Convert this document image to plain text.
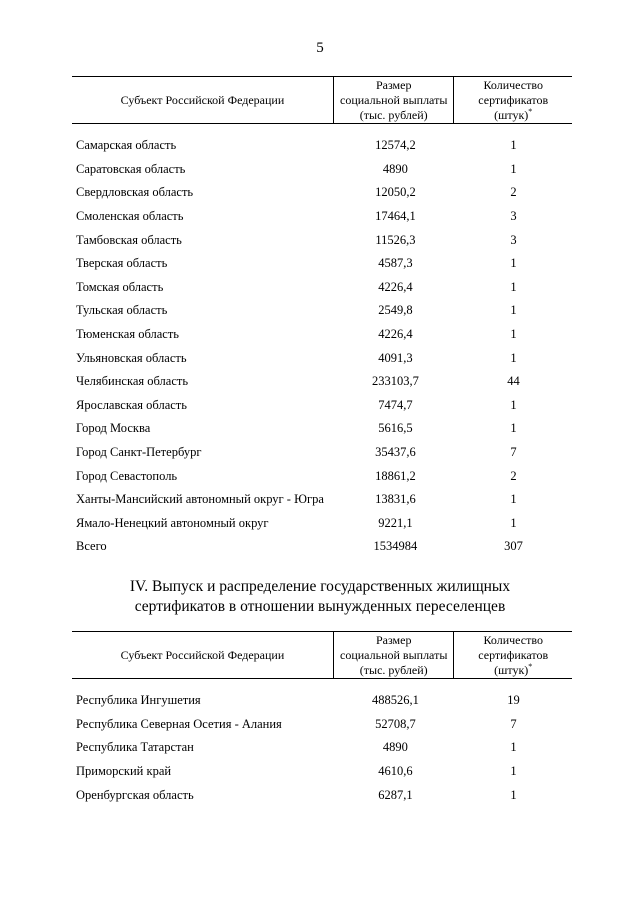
5
Субъект Российской Федерации
Размер
социальной выплаты
(тыс. рублей)
Количество
сертификатов
(штук)*
Самарская область	12574,2	1
Саратовская область	4890	1
Свердловская область	12050,2	2
Смоленская область	17464,1	3
Тамбовская область	11526,3	3
Тверская область	4587,3	1
Томская область	4226,4	1
Тульская область	2549,8	1
Тюменская область	4226,4	1
Ульяновская область	4091,3	1
Челябинская область	233103,7	44
Ярославская область	7474,7	1
Город Москва	5616,5	1
Город Санкт-Петербург	35437,6	7
Город Севастополь	18861,2	2
Ханты-Мансийский автономный округ - Югра	13831,6	1
Ямало-Ненецкий автономный округ	9221,1	1
Всего	1534984	307
IV. Выпуск и распределение государственных жилищных
сертификатов в отношении вынужденных переселенцев
Субъект Российской Федерации
Размер
социальной выплаты
(тыс. рублей)
Количество
сертификатов
(штук)*
Республика Ингушетия	488526,1	19
Республика Северная Осетия - Алания	52708,7	7
Республика Татарстан	4890	1
Приморский край	4610,6	1
Оренбургская область	6287,1	1
